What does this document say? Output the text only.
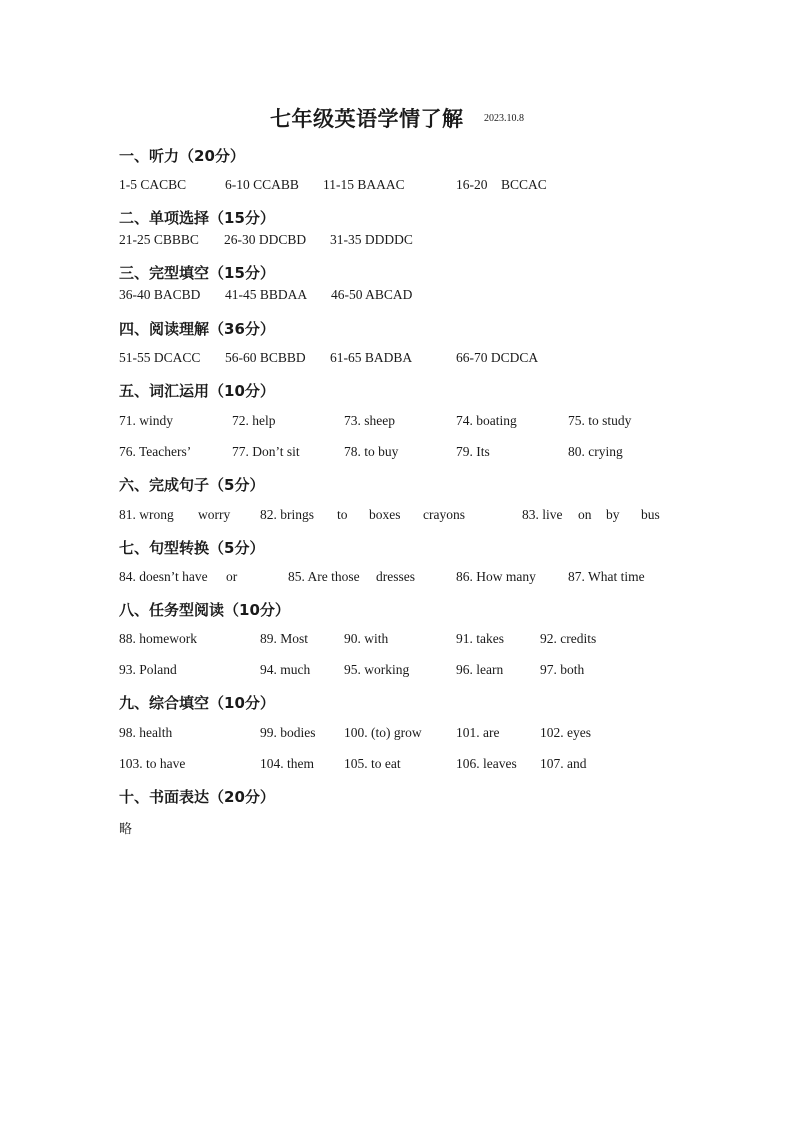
七年级英语学情了解 2023.10.8
一、听力（20分）
1-5 CACBC	6-10 CCABB 11-15 BAAAC	16-20    BCCAC
二、单项选择（15分）
21-25 CBBBC 26-30 DDCBD 31-35 DDDDC
三、完型填空（15分）
36-40 BACBD 41-45 BBDAA 46-50 ABCAD
四、阅读理解（36分）
51-55 DCACC 56-60 BCBBD 61-65 BADBA	66-70 DCDCA
五、词汇运用（10分）
71. windy	72. help	73. sheep	74. boating	75. to study
76. Teachers’	77. Don’t sit	78. to buy	79. Its	80. crying
六、完成句子（5分）
81. wrong worry 82. brings to boxes crayons	83. live on by bus
七、句型转换（5分）
84. doesn’t have or	85. Are those dresses	86. How many 87. What time
八、任务型阅读（10分）
88. homework	89. Most	90. with	91. takes	92. credits
93. Poland	94. much	95. working	96. learn	97. both
九、综合填空（10分）
98. health	99. bodies 100. (to) grow	101. are	102. eyes
103. to have	104. them 105. to eat	106. leaves 107. and
十、书面表达（20分）
略
